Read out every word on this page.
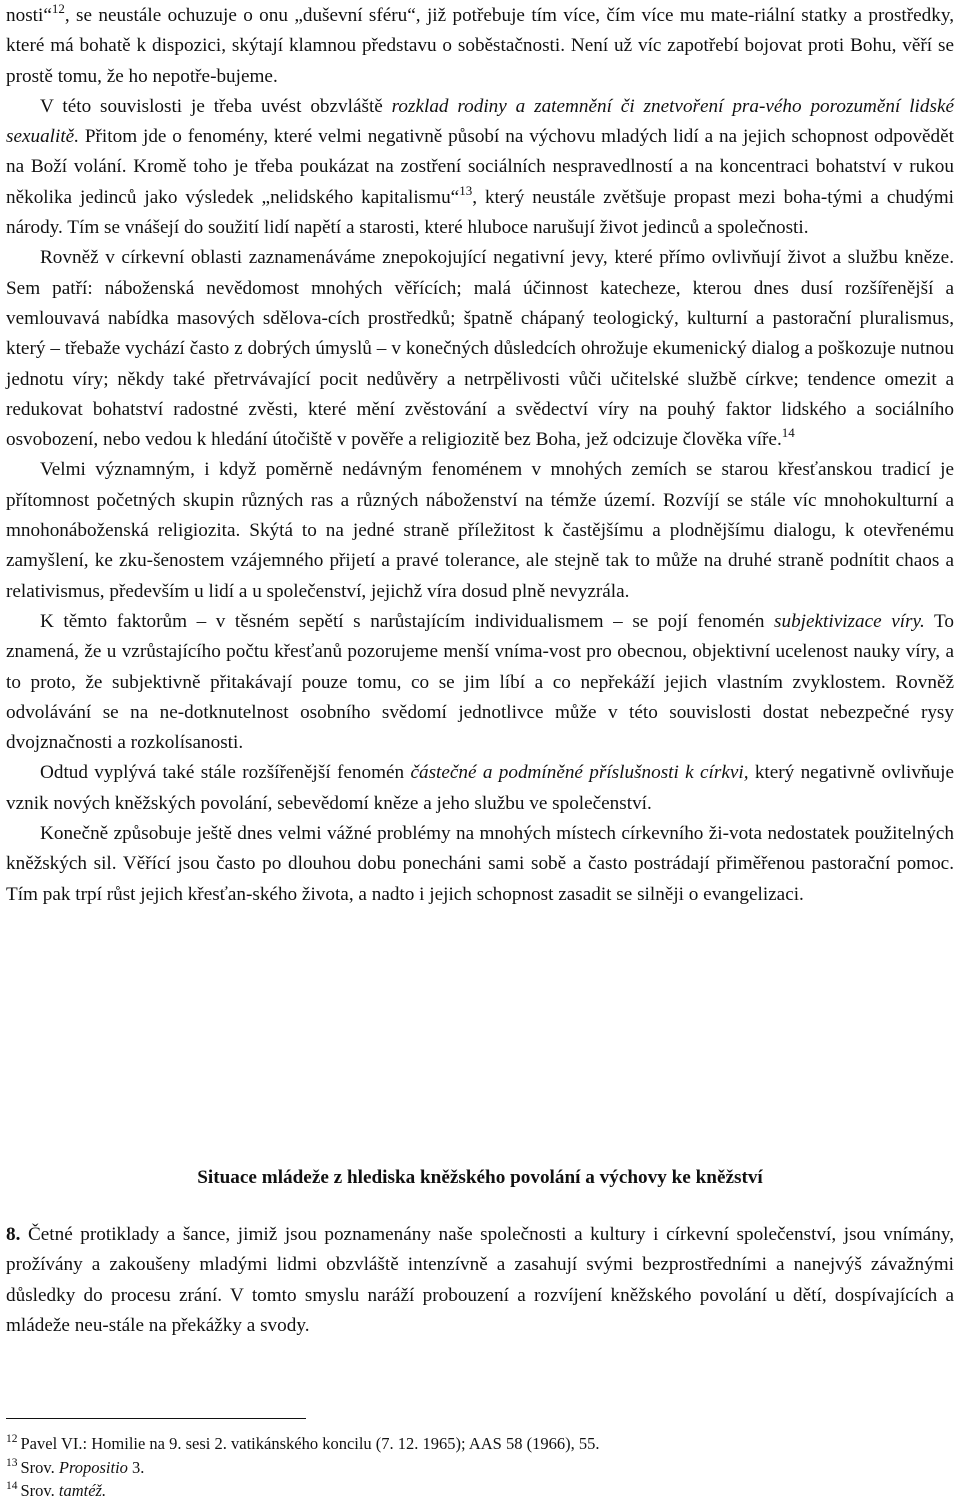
nosti“$^{12}$, se neustále ochuzuje o onu „duševní sféru“, již potřebuje tím více, čím více mu mate-riální statky a prostředky, které má bohatě k dispozici, skýtají klamnou představu o soběstačnosti. Není už víc zapotřebí bojovat proti Bohu, věří se prostě tomu, že ho nepotře-bujeme.

V této souvislosti je třeba uvést obzvláště rozklad rodiny a zatemnění či znetvoření pra-vého porozumění lidské sexualitě. Přitom jde o fenomény, které velmi negativně působí na výchovu mladých lidí a na jejich schopnost odpovědět na Boží volání. Kromě toho je třeba poukázat na zostření sociálních nespravedlností a na koncentraci bohatství v rukou několika jedinců jako výsledek „nelidského kapitalismu“$^{13}$, který neustále zvětšuje propast mezi boha-tými a chudými národy. Tím se vnášejí do soužití lidí napětí a starosti, které hluboce narušují život jedinců a společnosti.

Rovněž v církevní oblasti zaznamenáváme znepokojující negativní jevy, které přímo ovlivňují život a službu kněze. Sem patří: náboženská nevědomost mnohých věřících; malá účinnost katecheze, kterou dnes dusí rozšířenější a vemlouvavá nabídka masových sdělova-cích prostředků; špatně chápaný teologický, kulturní a pastorační pluralismus, který – třebaže vychází často z dobrých úmyslů – v konečných důsledcích ohrožuje ekumenický dialog a poškozuje nutnou jednotu víry; někdy také přetrvávající pocit nedůvěry a netrpělivosti vůči učitelské službě církve; tendence omezit a redukovat bohatství radostné zvěsti, které mění zvěstování a svědectví víry na pouhý faktor lidského a sociálního osvobození, nebo vedou k hledání útočiště v pověře a religiozitě bez Boha, jež odcizuje člověka víře.$^{14}$

Velmi významným, i když poměrně nedávným fenoménem v mnohých zemích se starou křesťanskou tradicí je přítomnost početných skupin různých ras a různých náboženství na témže území. Rozvíjí se stále víc mnohokulturní a mnohonáboženská religiozita. Skýtá to na jedné straně příležitost k častějšímu a plodnějšímu dialogu, k otevřenému zamyšlení, ke zku-šenostem vzájemného přijetí a pravé tolerance, ale stejně tak to může na druhé straně podnítit chaos a relativismus, především u lidí a u společenství, jejichž víra dosud plně nevyzrála.

K těmto faktorům – v těsném sepětí s narůstajícím individualismem – se pojí fenomén subjektivizace víry. To znamená, že u vzrůstajícího počtu křesťanů pozorujeme menší vníma-vost pro obecnou, objektivní ucelenost nauky víry, a to proto, že subjektivně přitakávají pouze tomu, co se jim líbí a co nepřekáží jejich vlastním zvyklostem. Rovněž odvolávání se na ne-dotknutelnost osobního svědomí jednotlivce může v této souvislosti dostat nebezpečné rysy dvojznačnosti a rozkolísanosti.

Odtud vyplývá také stále rozšířenější fenomén částečné a podmíněné příslušnosti k církvi, který negativně ovlivňuje vznik nových kněžských povolání, sebevědomí kněze a jeho službu ve společenství.

Konečně způsobuje ještě dnes velmi vážné problémy na mnohých místech církevního ži-vota nedostatek použitelných kněžských sil. Věřící jsou často po dlouhou dobu ponecháni sami sobě a často postrádají přiměřenou pastorační pomoc. Tím pak trpí růst jejich křesťan-ského života, a nadto i jejich schopnost zasadit se silněji o evangelizaci.

Situace mládeže z hlediska kněžského povolání a výchovy ke kněžství

8. Četné protiklady a šance, jimiž jsou poznamenány naše společnosti a kultury i církevní společenství, jsou vnímány, prožívány a zakoušeny mladými lidmi obzvláště intenzívně a zasahují svými bezprostředními a nanejvýš závažnými důsledky do procesu zrání. V tomto smyslu naráží probouzení a rozvíjení kněžského povolání u dětí, dospívajících a mládeže neu-stále na překážky a svody.

$^{12}$ Pavel VI.: Homilie na 9. sesi 2. vatikánského koncilu (7. 12. 1965); AAS 58 (1966), 55.
$^{13}$ Srov. Propositio 3.
$^{14}$ Srov. tamtéž.
